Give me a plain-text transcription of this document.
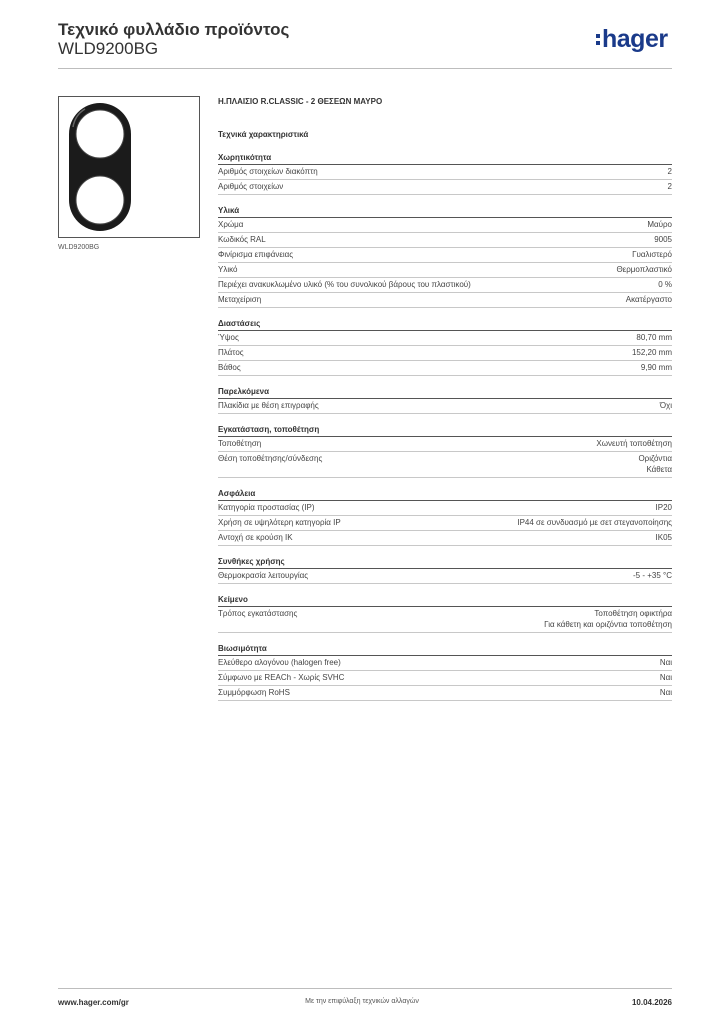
Τεχνικό φυλλάδιο προϊόντος
WLD9200BG	hager
WLD9200BG
Η.ΠΛΑΙΣΙΟ R.CLASSIC - 2 ΘΕΣΕΩΝ ΜΑΥΡΟ
Τεχνικά χαρακτηριστικά
Χωρητικότητα
Αριθμός στοιχείων διακόπτη	2
Αριθμός στοιχείων	2
Υλικά
Χρώμα	Μαύρο
Κωδικός RAL	9005
Φινίρισμα επιφάνειας	Γυαλιστερό
Υλικό	Θερμοπλαστικό
Περιέχει ανακυκλωμένο υλικό (% του συνολικού βάρους του πλαστικού)	0 %
Μεταχείριση	Ακατέργαστο
Διαστάσεις
Ύψος	80,70 mm
Πλάτος	152,20 mm
Βάθος	9,90 mm
Παρελκόμενα
Πλακίδια με θέση επιγραφής	Όχι
Εγκατάσταση, τοποθέτηση
Τοποθέτηση	Χωνευτή τοποθέτηση
Θέση τοποθέτησης/σύνδεσης	Οριζόντια
Κάθετα
Ασφάλεια
Κατηγορία προστασίας (IP)	IP20
Χρήση σε υψηλότερη κατηγορία IP	IP44 σε συνδυασμό με σετ στεγανοποίησης
Αντοχή σε κρούση IK	IK05
Συνθήκες χρήσης
Θερμοκρασία λειτουργίας	-5 - +35 °C
Κείμενο
Τρόπος εγκατάστασης	Τοποθέτηση οφικτήρα
Για κάθετη και οριζόντια τοποθέτηση
Βιωσιμότητα
Ελεύθερο αλογόνου (halogen free)	Ναι
Σύμφωνο με REACh - Χωρίς SVHC	Ναι
Συμμόρφωση RoHS	Ναι
www.hager.com/gr	Με την επιφύλαξη τεχνικών αλλαγών	10.04.2026
